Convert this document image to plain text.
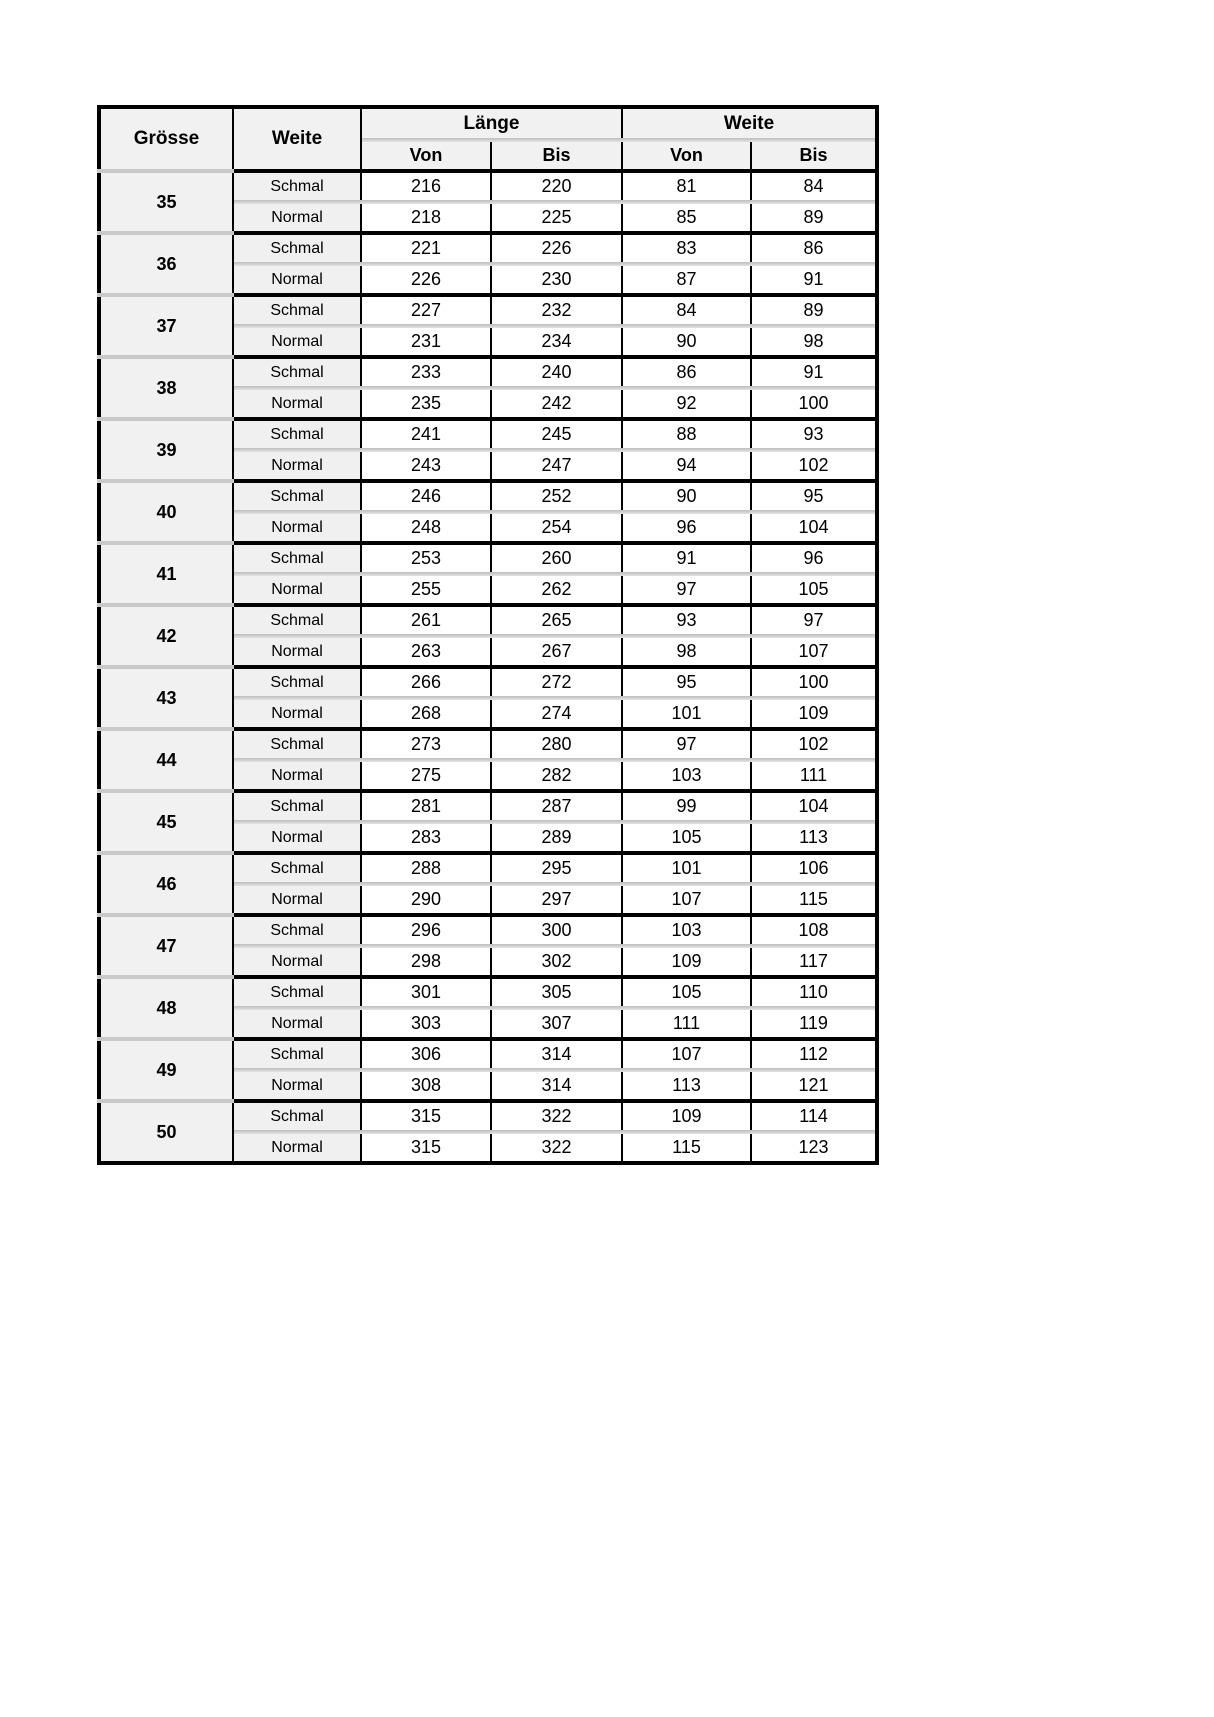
Grösse	Weite	Länge		Weite	

		Von	Bis	Von	Bis
35	Schmal	216	220	81	84

	Normal	218	225	85	89
36	Schmal	221	226	83	86

	Normal	226	230	87	91
37	Schmal	227	232	84	89

	Normal	231	234	90	98
38	Schmal	233	240	86	91

	Normal	235	242	92	100
39	Schmal	241	245	88	93

	Normal	243	247	94	102
40	Schmal	246	252	90	95

	Normal	248	254	96	104
41	Schmal	253	260	91	96

	Normal	255	262	97	105
42	Schmal	261	265	93	97

	Normal	263	267	98	107
43	Schmal	266	272	95	100

	Normal	268	274	101	109
44	Schmal	273	280	97	102

	Normal	275	282	103	111
45	Schmal	281	287	99	104

	Normal	283	289	105	113
46	Schmal	288	295	101	106

	Normal	290	297	107	115
47	Schmal	296	300	103	108

	Normal	298	302	109	117
48	Schmal	301	305	105	110

	Normal	303	307	111	119
49	Schmal	306	314	107	112

	Normal	308	314	113	121
50	Schmal	315	322	109	114

	Normal	315	322	115	123
